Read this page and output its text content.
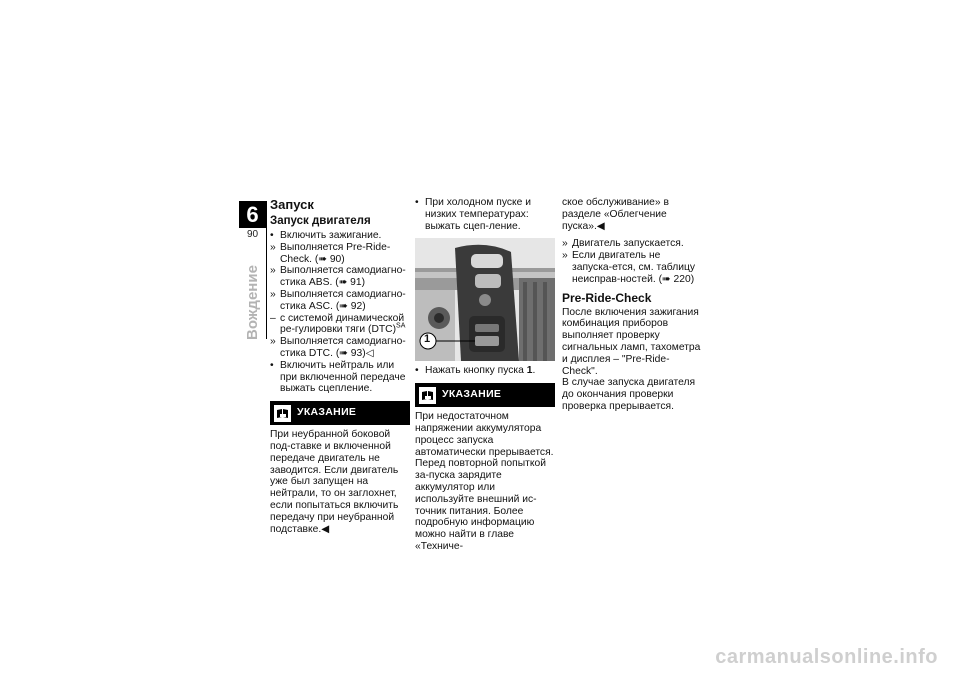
6
90
Вождение
Запуск
Запуск двигателя
• Включить зажигание.
» Выполняется Pre-Ride-Check. (➠ 90)
» Выполняется самодиагно-стика ABS. (➠ 91)
» Выполняется самодиагно-стика ASC. (➠ 92)
– с системой динамической ре-гулировки тяги (DTC)$^{SA}$
» Выполняется самодиагно-стика DTC. (➠ 93)◁
• Включить нейтраль или при включенной передаче выжать сцепление.
УКАЗАНИЕ

При неубранной боковой под-ставке и включенной передаче двигатель не заводится. Если двигатель уже был запущен на нейтрали, то он заглохнет, если попытаться включить передачу при неубранной подставке.◀

• При холодном пуске и низких температурах: выжать сцеп-ление.
1
• Нажать кнопку пуска 1.
УКАЗАНИЕ

При недостаточном напряжении аккумулятора процесс запуска автоматически прерывается. Перед повторной попыткой за-пуска зарядите аккумулятор или используйте внешний ис-точник питания. Более подробную информацию можно найти в главе «Техниче-

ское обслуживание» в разделе «Облегчение пуска».◀

» Двигатель запускается.
» Если двигатель не запуска-ется, см. таблицу неисправ-ностей. (➠ 220)
Pre-Ride-Check

После включения зажигания комбинация приборов выполняет проверку сигнальных ламп, тахометра и дисплея – "Pre-Ride-Check".

В случае запуска двигателя до окончания проверки проверка прерывается.

carmanualsonline.info
